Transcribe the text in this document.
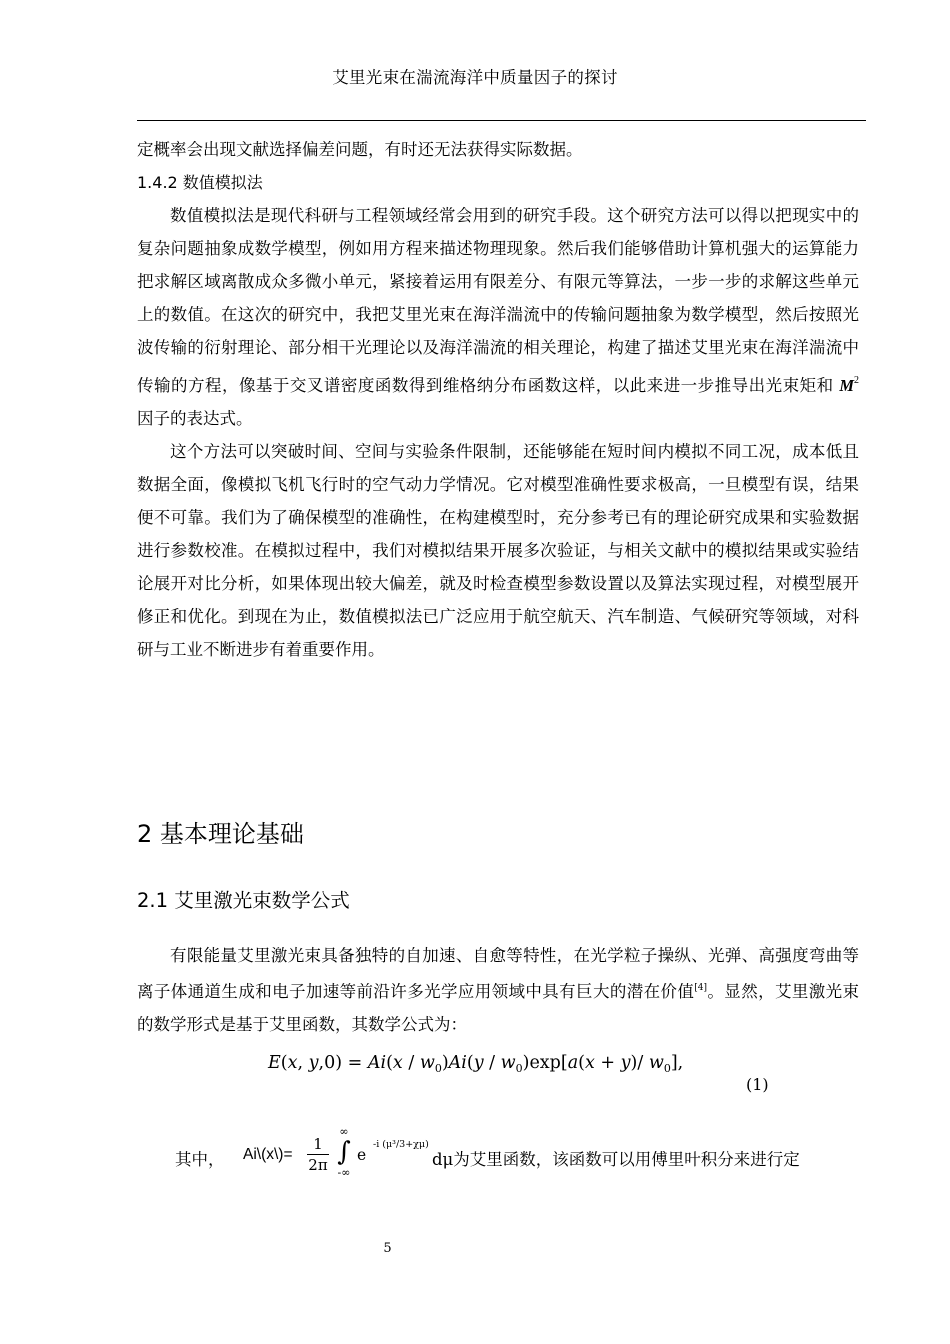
艾里光束在湍流海洋中质量因子的探讨

定概率会出现文献选择偏差问题，有时还无法获得实际数据。

1.4.2 数值模拟法

数值模拟法是现代科研与工程领域经常会用到的研究手段。这个研究方法可以得以把现实中的复杂问题抽象成数学模型，例如用方程来描述物理现象。然后我们能够借助计算机强大的运算能力把求解区域离散成众多微小单元，紧接着运用有限差分、有限元等算法，一步一步的求解这些单元上的数值。在这次的研究中，我把艾里光束在海洋湍流中的传输问题抽象为数学模型，然后按照光波传输的衍射理论、部分相干光理论以及海洋湍流的相关理论，构建了描述艾里光束在海洋湍流中传输的方程，像基于交叉谱密度函数得到维格纳分布函数这样，以此来进一步推导出光束矩和 $M^2$ 因子的表达式。

这个方法可以突破时间、空间与实验条件限制，还能够能在短时间内模拟不同工况，成本低且数据全面，像模拟飞机飞行时的空气动力学情况。它对模型准确性要求极高，一旦模型有误，结果便不可靠。我们为了确保模型的准确性，在构建模型时，充分参考已有的理论研究成果和实验数据进行参数校准。在模拟过程中，我们对模拟结果开展多次验证，与相关文献中的模拟结果或实验结论展开对比分析，如果体现出较大偏差，就及时检查模型参数设置以及算法实现过程，对模型展开修正和优化。到现在为止，数值模拟法已广泛应用于航空航天、汽车制造、气候研究等领域，对科研与工业不断进步有着重要作用。

2 基本理论基础
2.1 艾里激光束数学公式

有限能量艾里激光束具备独特的自加速、自愈等特性，在光学粒子操纵、光弹、高强度弯曲等离子体通道生成和电子加速等前沿许多光学应用领域中具有巨大的潜在价值[4]。显然，艾里激光束的数学形式是基于艾里函数，其数学公式为：

E(x, $y,0) = Ai(x / w_0)Ai(y / w_0)\exp[a(x + y)/$ $w_0$],
(1)
其中， Ai\(x\)=
1
2π
∞
∫
-∞
e
-i (μ³/3+χμ)
dμ为艾里函数，该函数可以用傅里叶积分来进行定
5
